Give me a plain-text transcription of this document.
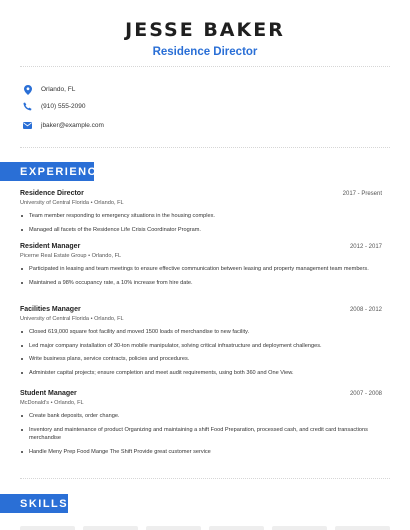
JESSE BAKER
Residence Director
Orlando, FL
(910) 555-2090
jbaker@example.com
EXPERIENCE
Residence Director	2017 - Present
University of Central Florida • Orlando, FL
Team member responding to emergency situations in the housing complex.
Managed all facets of the Residence Life Crisis Coordinator Program.
Resident Manager	2012 - 2017
Picerne Real Estate Group • Orlando, FL
Participated in leasing and team meetings to ensure effective communication between leasing and property management team members.
Maintained a 98% occupancy rate, a 10% increase from hire date.
Facilities Manager	2008 - 2012
University of Central Florida • Orlando, FL
Closed 619,000 square foot facility and moved 1500 loads of merchandise to new facility.
Led major company installation of 30-ton mobile manipulator, solving critical infrastructure and deployment challenges.
Write business plans, service contracts, policies and procedures.
Administer capital projects; ensure completion and meet audit requirements, using both 360 and One View.
Student Manager	2007 - 2008
McDonald's • Orlando, FL
Create bank deposits, order change.
Inventory and maintenance of product Organizing and maintaining a shift Food Preparation, processed cash, and credit card transactions merchandise
Handle Meny Prep Food Mange The Shift Provide great customer service
SKILLS
